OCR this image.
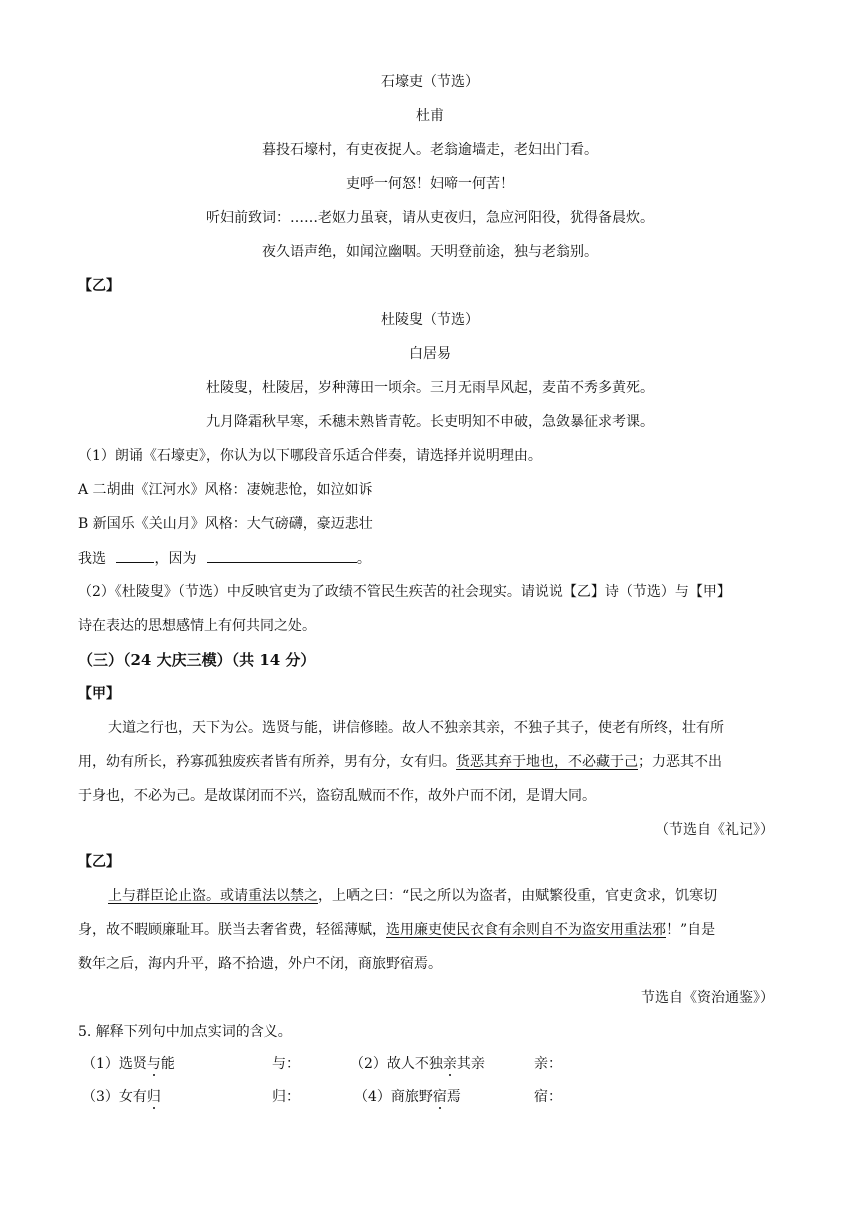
石壕吏（节选）
杜甫
暮投石壕村，有吏夜捉人。老翁逾墙走，老妇出门看。
吏呼一何怒！妇啼一何苦！
听妇前致词：……老妪力虽衰，请从吏夜归，急应河阳役，犹得备晨炊。
夜久语声绝，如闻泣幽咽。天明登前途，独与老翁别。
【乙】
杜陵叟（节选）
白居易
杜陵叟，杜陵居，岁种薄田一顷余。三月无雨旱风起，麦苗不秀多黄死。
九月降霜秋早寒，禾穗未熟皆青乾。长吏明知不申破，急敛暴征求考课。
（1）朗诵《石壕吏》，你认为以下哪段音乐适合伴奏，请选择并说明理由。
A 二胡曲《江河水》风格：凄婉悲怆，如泣如诉
B 新国乐《关山月》风格：大气磅礴，豪迈悲壮
我选	，因为	。
（2）《杜陵叟》（节选）中反映官吏为了政绩不管民生疾苦的社会现实。请说说【乙】诗（节选）与【甲】
诗在表达的思想感情上有何共同之处。
（三）（24 大庆三模）（共 14 分）
【甲】
大道之行也，天下为公。选贤与能，讲信修睦。故人不独亲其亲，不独子其子，使老有所终，壮有所
用，幼有所长，矜寡孤独废疾者皆有所养，男有分，女有归。货恶其弃于地也，不必藏于己；力恶其不出
于身也，不必为己。是故谋闭而不兴，盗窃乱贼而不作，故外户而不闭，是谓大同。
（节选自《礼记》）
【乙】
上与群臣论止盗。或请重法以禁之，上哂之曰：“民之所以为盗者，由赋繁役重，官吏贪求，饥寒切
身，故不暇顾廉耻耳。朕当去奢省费，轻徭薄赋，选用廉吏使民衣食有余则自不为盗安用重法邪！”自是
数年之后，海内升平，路不拾遗，外户不闭，商旅野宿焉。
节选自《资治通鉴》）
5. 解释下列句中加点实词的含义。
（1）选贤与能	与：	（2）故人不独亲其亲	亲：
（3）女有归	归：	（4）商旅野宿焉	宿：
